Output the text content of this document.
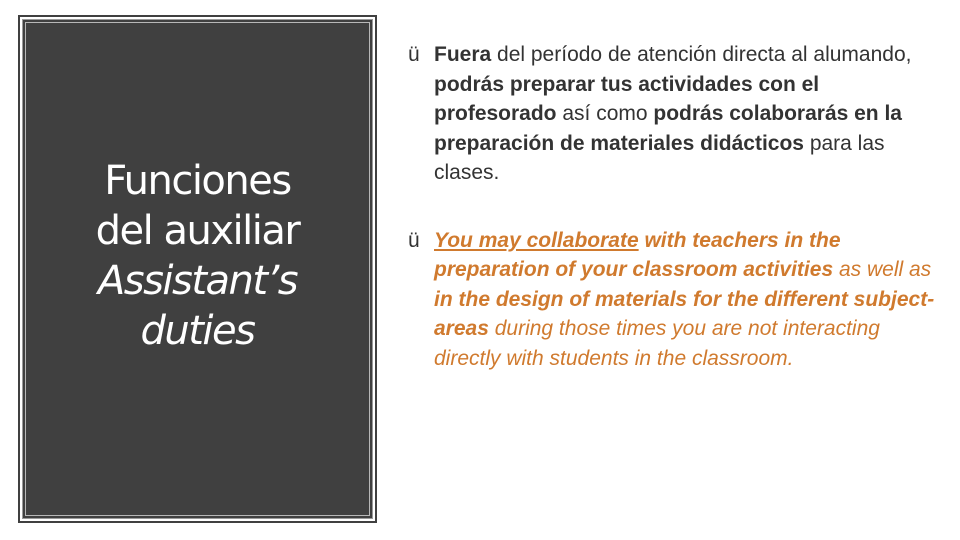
Funciones
del auxiliar
Assistant’s
duties
ü Fuera del período de atención directa al alumando, podrás preparar tus actividades con el profesorado así como podrás colaborarás en la preparación de materiales didácticos para las clases.
ü You may collaborate with teachers in the preparation of your classroom activities as well as in the design of materials for the different subject-areas during those times you are not interacting directly with students in the classroom.
